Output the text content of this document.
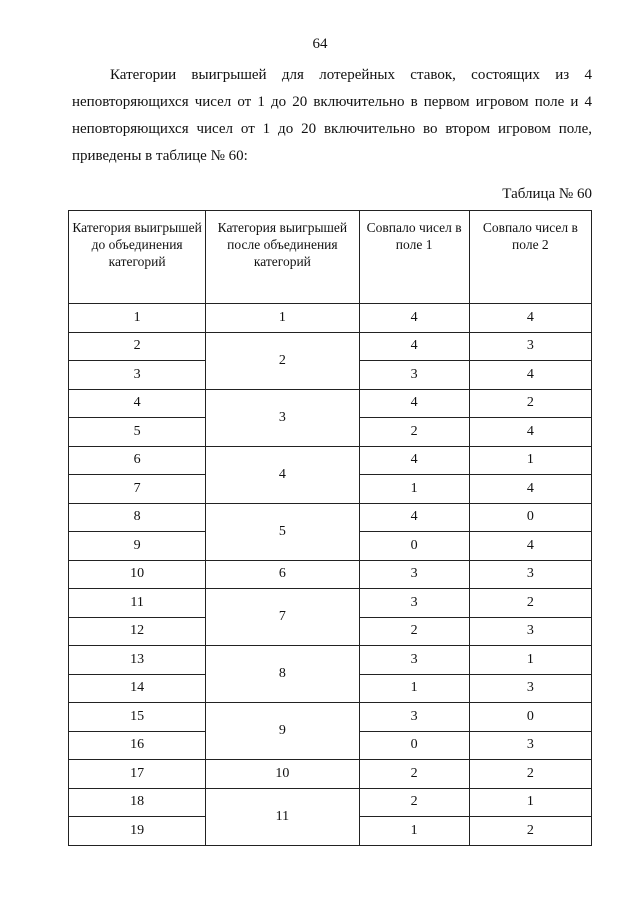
64
Категории выигрышей для лотерейных ставок, состоящих из 4
неповторяющихся чисел от 1 до 20 включительно в первом игровом поле и 4
неповторяющихся чисел от 1 до 20 включительно во втором игровом поле,
приведены в таблице № 60:
Таблица № 60
Категория выигрышей до объединения категорий	Категория выигрышей после объединения категорий	Совпало чисел в поле 1	Совпало чисел в поле 2
1	1	4	4
2	2	4	3
3		3	4
4	3	4	2
5		2	4
6	4	4	1
7		1	4
8	5	4	0
9		0	4
10	6	3	3
11	7	3	2
12		2	3
13	8	3	1
14		1	3
15	9	3	0
16		0	3
17	10	2	2
18	11	2	1
19		1	2
